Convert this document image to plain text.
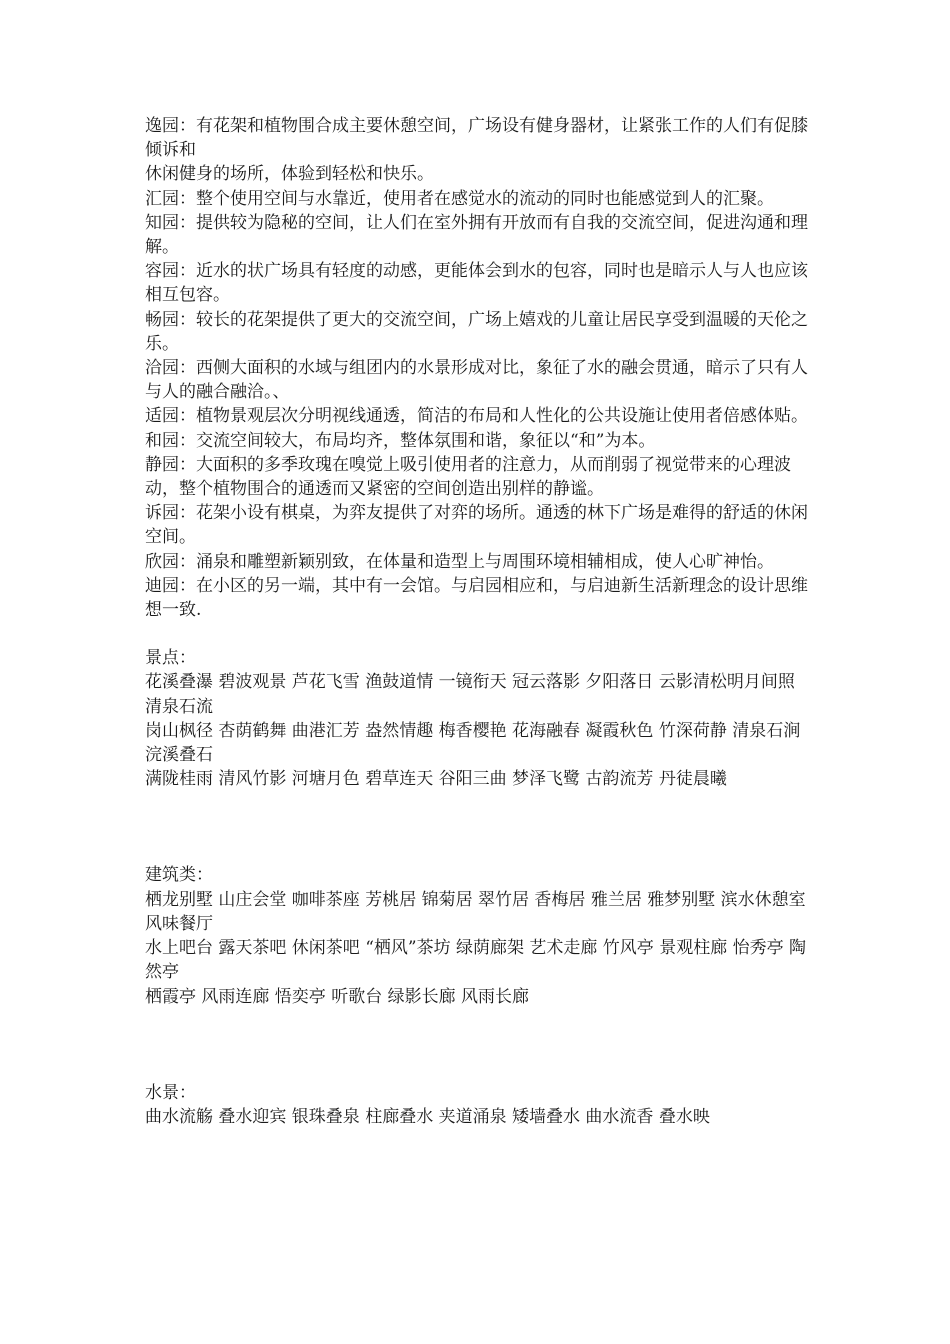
逸园：有花架和植物围合成主要休憩空间，广场设有健身器材，让紧张工作的人们有促膝倾诉和
休闲健身的场所，体验到轻松和快乐。
汇园：整个使用空间与水靠近，使用者在感觉水的流动的同时也能感觉到人的汇聚。
知园：提供较为隐秘的空间，让人们在室外拥有开放而有自我的交流空间，促进沟通和理解。
容园：近水的状广场具有轻度的动感，更能体会到水的包容，同时也是暗示人与人也应该相互包容。
畅园：较长的花架提供了更大的交流空间，广场上嬉戏的儿童让居民享受到温暖的天伦之乐。
洽园：西侧大面积的水域与组团内的水景形成对比，象征了水的融会贯通，暗示了只有人与人的融合融洽。、
适园：植物景观层次分明视线通透，简洁的布局和人性化的公共设施让使用者倍感体贴。
和园：交流空间较大，布局均齐，整体氛围和谐，象征以“和”为本。
静园：大面积的多季玫瑰在嗅觉上吸引使用者的注意力，从而削弱了视觉带来的心理波动，整个植物围合的通透而又紧密的空间创造出别样的静谧。
诉园：花架小设有棋桌，为弈友提供了对弈的场所。通透的林下广场是难得的舒适的休闲空间。
欣园：涌泉和雕塑新颖别致，在体量和造型上与周围环境相辅相成，使人心旷神怡。
迪园：在小区的另一端，其中有一会馆。与启园相应和，与启迪新生活新理念的设计思维想一致.
景点：
花溪叠瀑 碧波观景 芦花飞雪 渔鼓道情 一镜衔天 冠云落影 夕阳落日 云影清松明月间照清泉石流
岗山枫径 杏荫鹤舞 曲港汇芳 盎然情趣 梅香樱艳 花海融春 凝霞秋色 竹深荷静 清泉石涧 浣溪叠石
满陇桂雨 清风竹影 河塘月色 碧草连天 谷阳三曲 梦泽飞鹭 古韵流芳 丹徒晨曦
建筑类：
栖龙别墅 山庄会堂 咖啡茶座 芳桃居 锦菊居 翠竹居 香梅居 雅兰居 雅梦别墅 滨水休憩室 风味餐厅
水上吧台 露天茶吧 休闲茶吧 “栖风”茶坊 绿荫廊架 艺术走廊 竹风亭 景观柱廊 怡秀亭 陶然亭
栖霞亭 风雨连廊 悟奕亭 听歌台 绿影长廊 风雨长廊
水景：
曲水流觞 叠水迎宾 银珠叠泉 柱廊叠水 夹道涌泉 矮墙叠水 曲水流香 叠水映
